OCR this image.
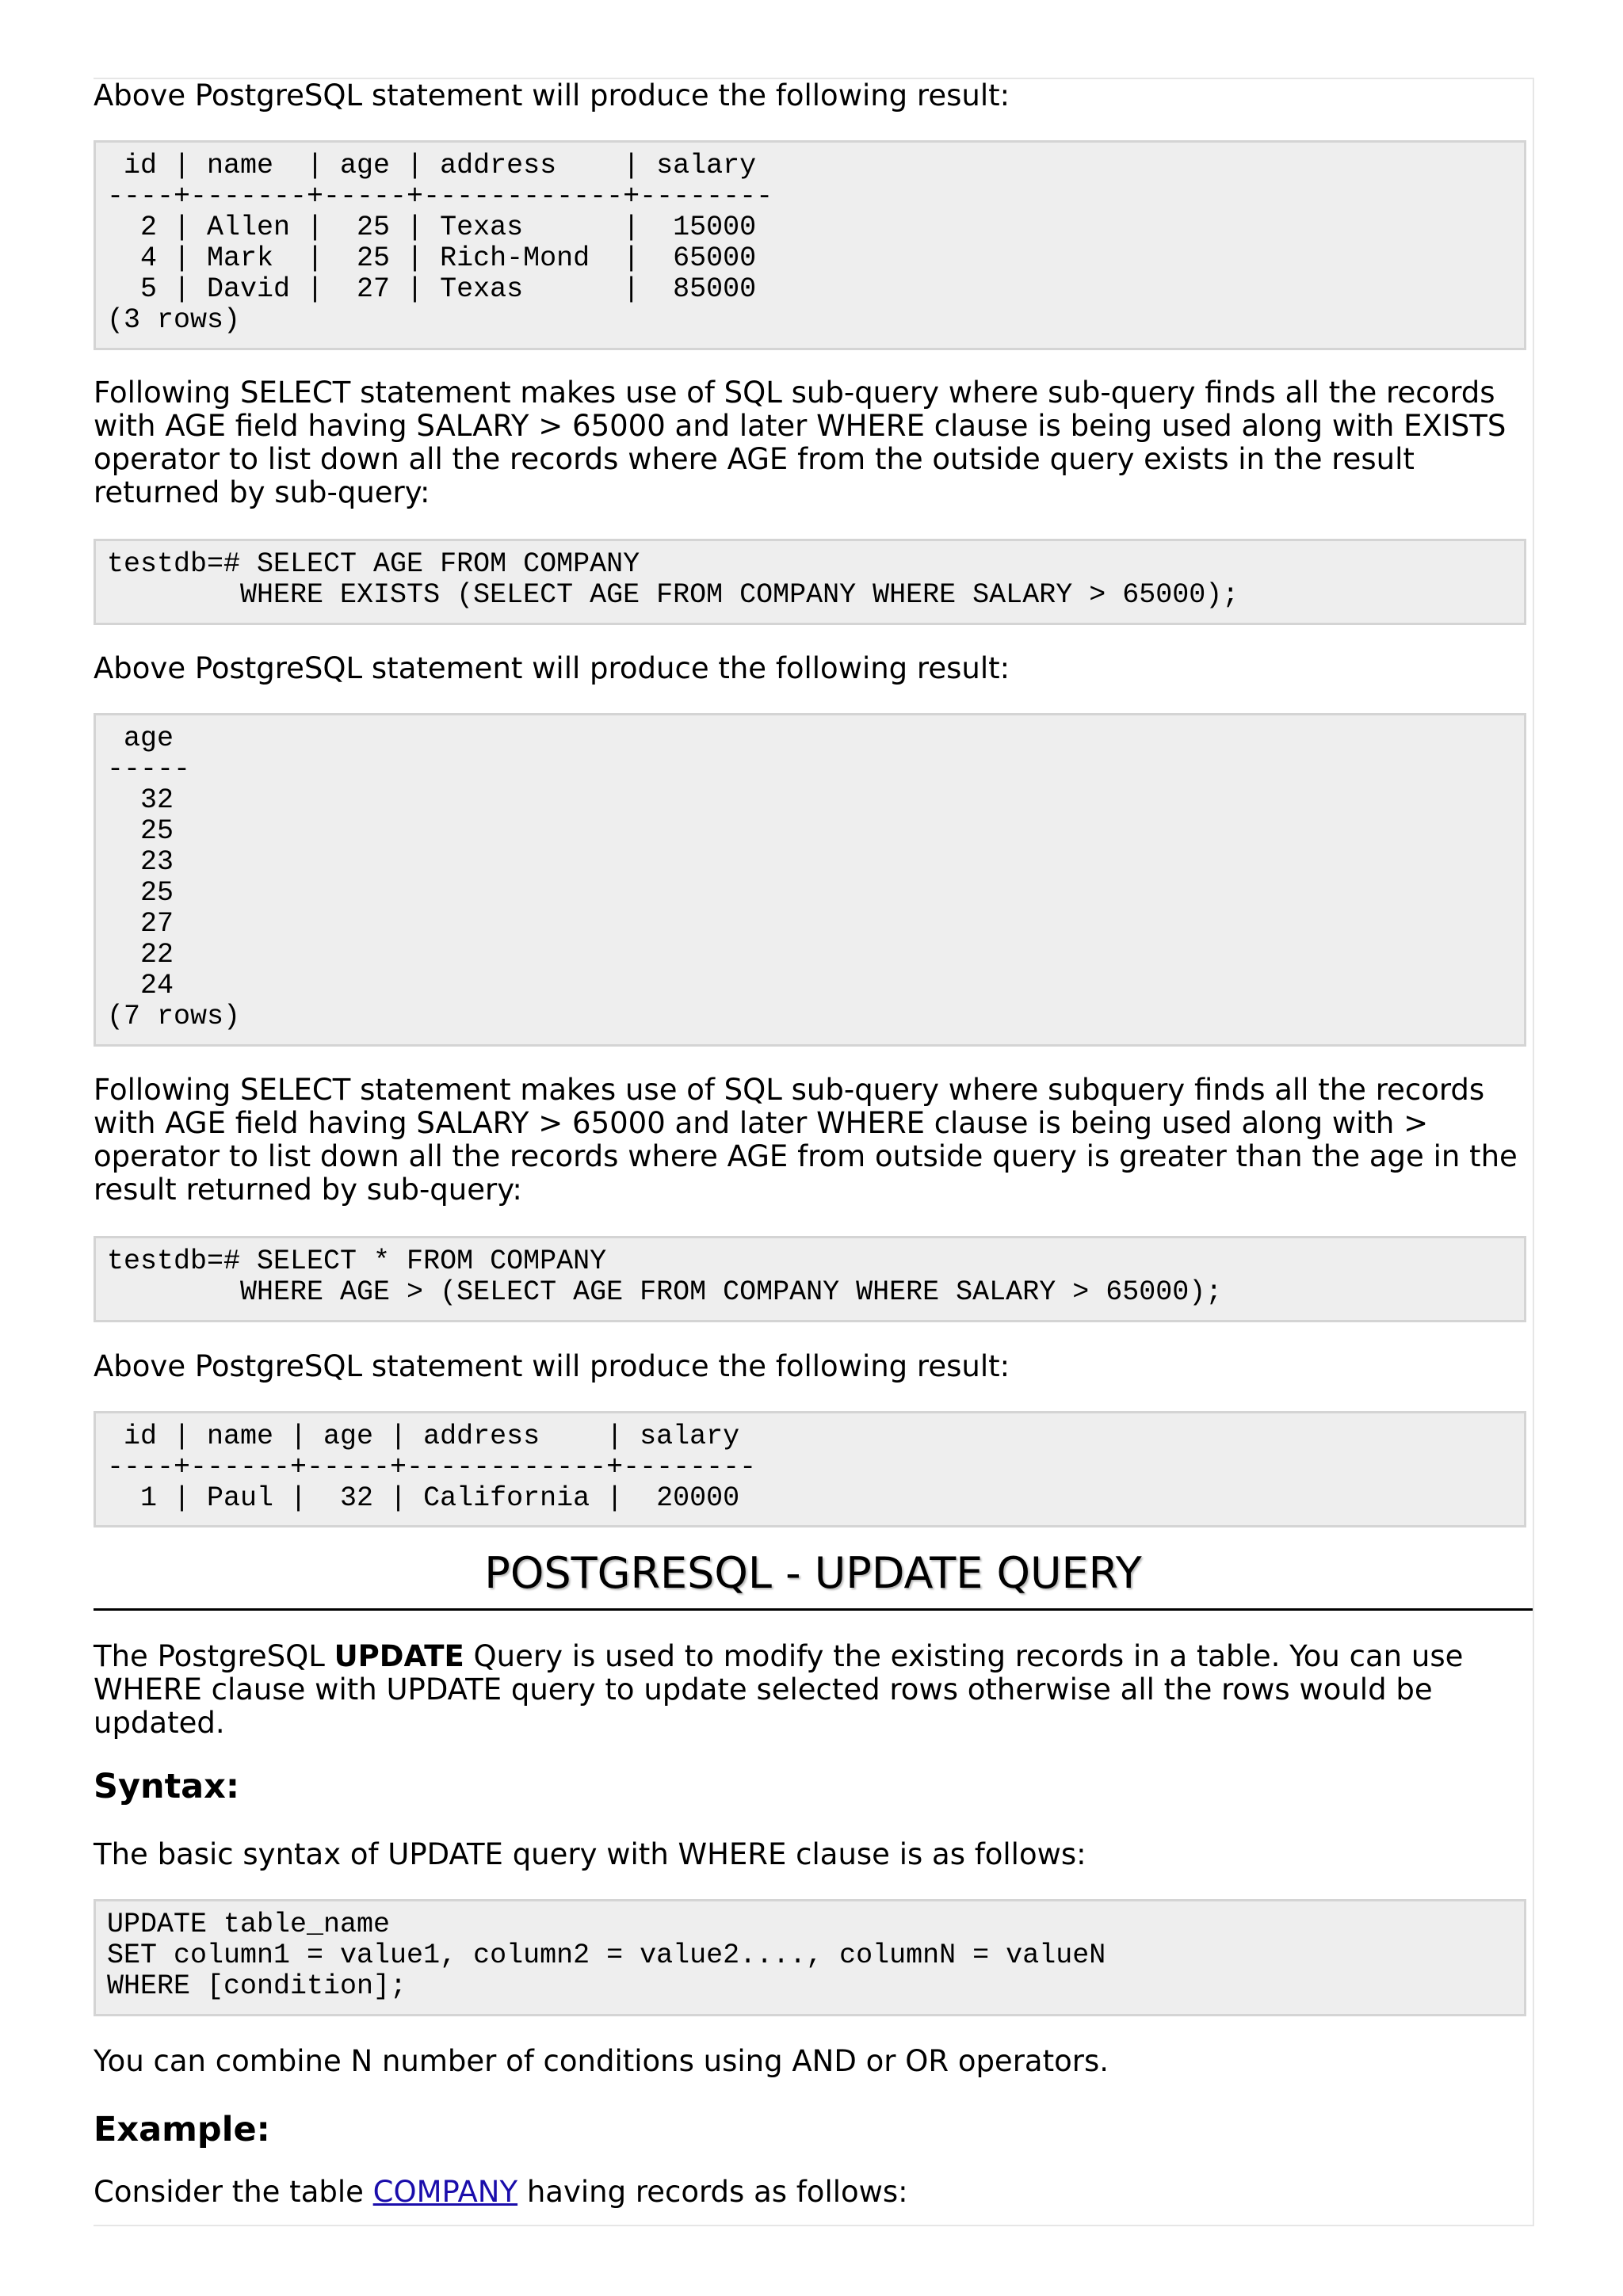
Above PostgreSQL statement will produce the following result:

id | name  | age | address    | salary
----+-------+-----+------------+--------
2 | Allen |  25 | Texas      |  15000
4 | Mark  |  25 | Rich-Mond  |  65000
5 | David |  27 | Texas      |  85000
(3 rows)

Following SELECT statement makes use of SQL sub-query where sub-query finds all the records with AGE field having SALARY > 65000 and later WHERE clause is being used along with EXISTS operator to list down all the records where AGE from the outside query exists in the result returned by sub-query:

testdb=# SELECT AGE FROM COMPANY
WHERE EXISTS (SELECT AGE FROM COMPANY WHERE SALARY > 65000);

Above PostgreSQL statement will produce the following result:

age
-----
32
25
23
25
27
22
24
(7 rows)

Following SELECT statement makes use of SQL sub-query where subquery finds all the records with AGE field having SALARY > 65000 and later WHERE clause is being used along with > operator to list down all the records where AGE from outside query is greater than the age in the result returned by sub-query:

testdb=# SELECT * FROM COMPANY
WHERE AGE > (SELECT AGE FROM COMPANY WHERE SALARY > 65000);

Above PostgreSQL statement will produce the following result:

id | name | age | address    | salary
----+------+-----+------------+--------
1 | Paul |  32 | California |  20000
POSTGRESQL - UPDATE QUERY

The PostgreSQL UPDATE Query is used to modify the existing records in a table. You can use WHERE clause with UPDATE query to update selected rows otherwise all the rows would be updated.

Syntax:

The basic syntax of UPDATE query with WHERE clause is as follows:

UPDATE table_name
SET column1 = value1, column2 = value2...., columnN = valueN
WHERE [condition];

You can combine N number of conditions using AND or OR operators.

Example:

Consider the table COMPANY having records as follows:
